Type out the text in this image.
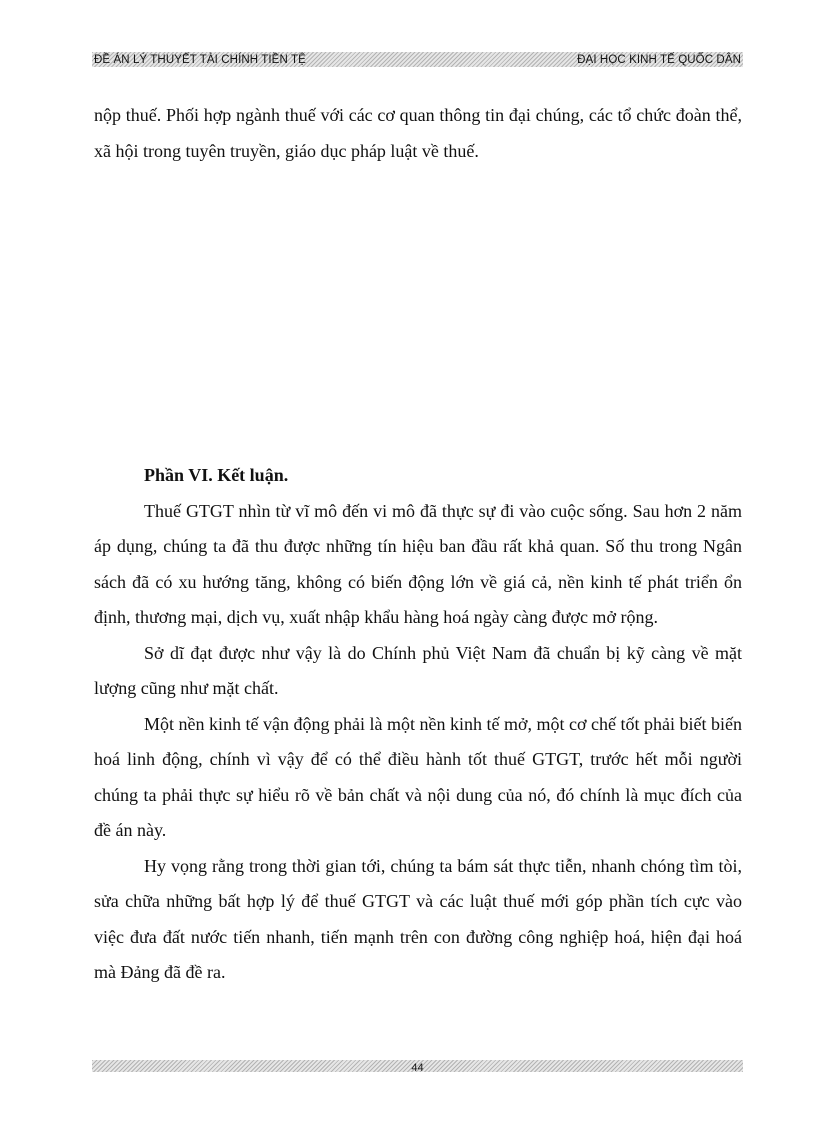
ĐỀ ÁN LÝ THUYẾT TÀI CHÍNH TIỀN TỆ	ĐẠI HỌC KINH TẾ QUỐC DÂN

nộp thuế. Phối hợp ngành thuế với các cơ quan thông tin đại chúng, các tổ chức đoàn thể, xã hội trong tuyên truyền, giáo dục pháp luật về thuế.

Phần VI. Kết luận.

Thuế GTGT nhìn từ vĩ mô đến vi mô đã thực sự đi vào cuộc sống. Sau hơn 2 năm áp dụng, chúng ta đã thu được những tín hiệu ban đầu rất khả quan. Số thu trong Ngân sách đã có xu hướng tăng, không có biến động lớn về giá cả, nền kinh tế phát triển ổn định, thương mại, dịch vụ, xuất nhập khẩu hàng hoá ngày càng được mở rộng.

Sở dĩ đạt được như vậy là do Chính phủ Việt Nam đã chuẩn bị kỹ càng về mặt lượng cũng như mặt chất.

Một nền kinh tế vận động phải là một nền kinh tế mở, một cơ chế tốt phải biết biến hoá linh động, chính vì vậy để có thể điều hành tốt thuế GTGT, trước hết mỗi người chúng ta phải thực sự hiểu rõ về bản chất và nội dung của nó, đó chính là mục đích của đề án này.

Hy vọng rằng trong thời gian tới, chúng ta bám sát thực tiễn, nhanh chóng tìm tòi, sửa chữa những bất hợp lý để thuế GTGT và các luật thuế mới góp phần tích cực vào việc đưa đất nước tiến nhanh, tiến mạnh trên con đường công nghiệp hoá, hiện đại hoá mà Đảng đã đề ra.

44
